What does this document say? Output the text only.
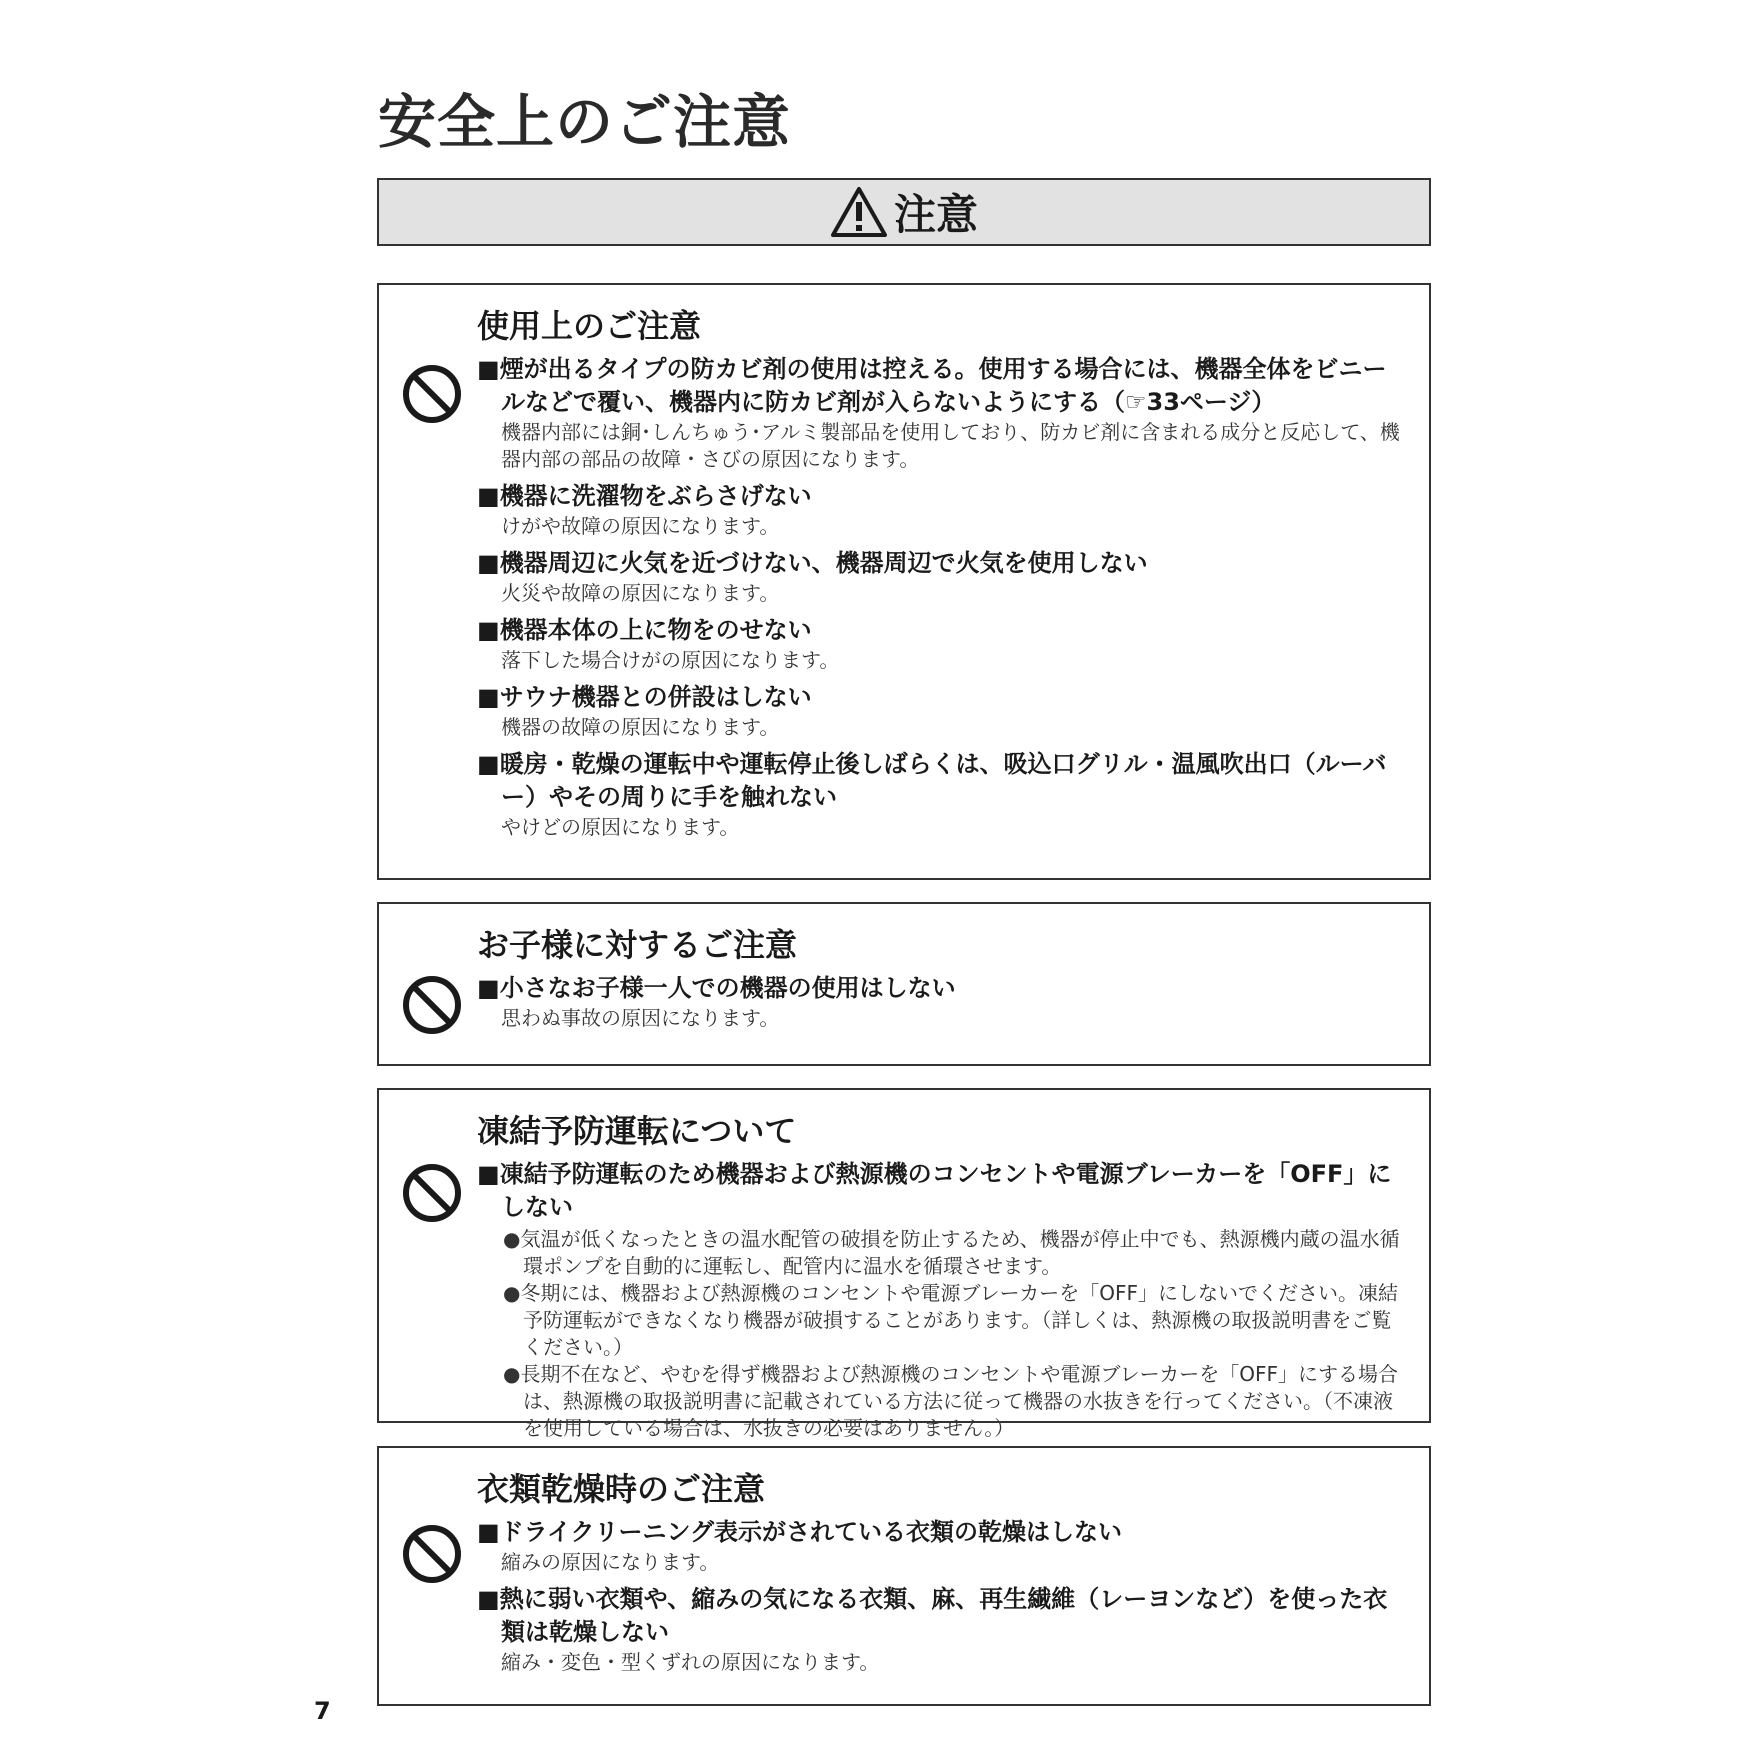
安全上のご注意
注意
使用上のご注意
■ 煙が出るタイプの防カビ剤の使用は控える。使用する場合には、機器全体をビニールなどで覆い、機器内に防カビ剤が入らないようにする（☞33ページ）
機器内部には銅･しんちゅう･アルミ製部品を使用しており、防カビ剤に含まれる成分と反応して、機器内部の部品の故障・さびの原因になります。
■ 機器に洗濯物をぶらさげない
けがや故障の原因になります。
■ 機器周辺に火気を近づけない、機器周辺で火気を使用しない
火災や故障の原因になります。
■ 機器本体の上に物をのせない
落下した場合けがの原因になります。
■ サウナ機器との併設はしない
機器の故障の原因になります。
■ 暖房・乾燥の運転中や運転停止後しばらくは、吸込口グリル・温風吹出口（ルーバー）やその周りに手を触れない
やけどの原因になります。
お子様に対するご注意
■ 小さなお子様一人での機器の使用はしない
思わぬ事故の原因になります。
凍結予防運転について
■ 凍結予防運転のため機器および熱源機のコンセントや電源ブレーカーを「OFF」にしない
● 気温が低くなったときの温水配管の破損を防止するため、機器が停止中でも、熱源機内蔵の温水循環ポンプを自動的に運転し、配管内に温水を循環させます。
● 冬期には、機器および熱源機のコンセントや電源ブレーカーを「OFF」にしないでください。凍結予防運転ができなくなり機器が破損することがあります。（詳しくは、熱源機の取扱説明書をご覧ください。）
● 長期不在など、やむを得ず機器および熱源機のコンセントや電源ブレーカーを「OFF」にする場合は、熱源機の取扱説明書に記載されている方法に従って機器の水抜きを行ってください。（不凍液を使用している場合は、水抜きの必要はありません。）
衣類乾燥時のご注意
■ ドライクリーニング表示がされている衣類の乾燥はしない
縮みの原因になります。
■ 熱に弱い衣類や、縮みの気になる衣類、麻、再生繊維（レーヨンなど）を使った衣類は乾燥しない
縮み・変色・型くずれの原因になります。
7
